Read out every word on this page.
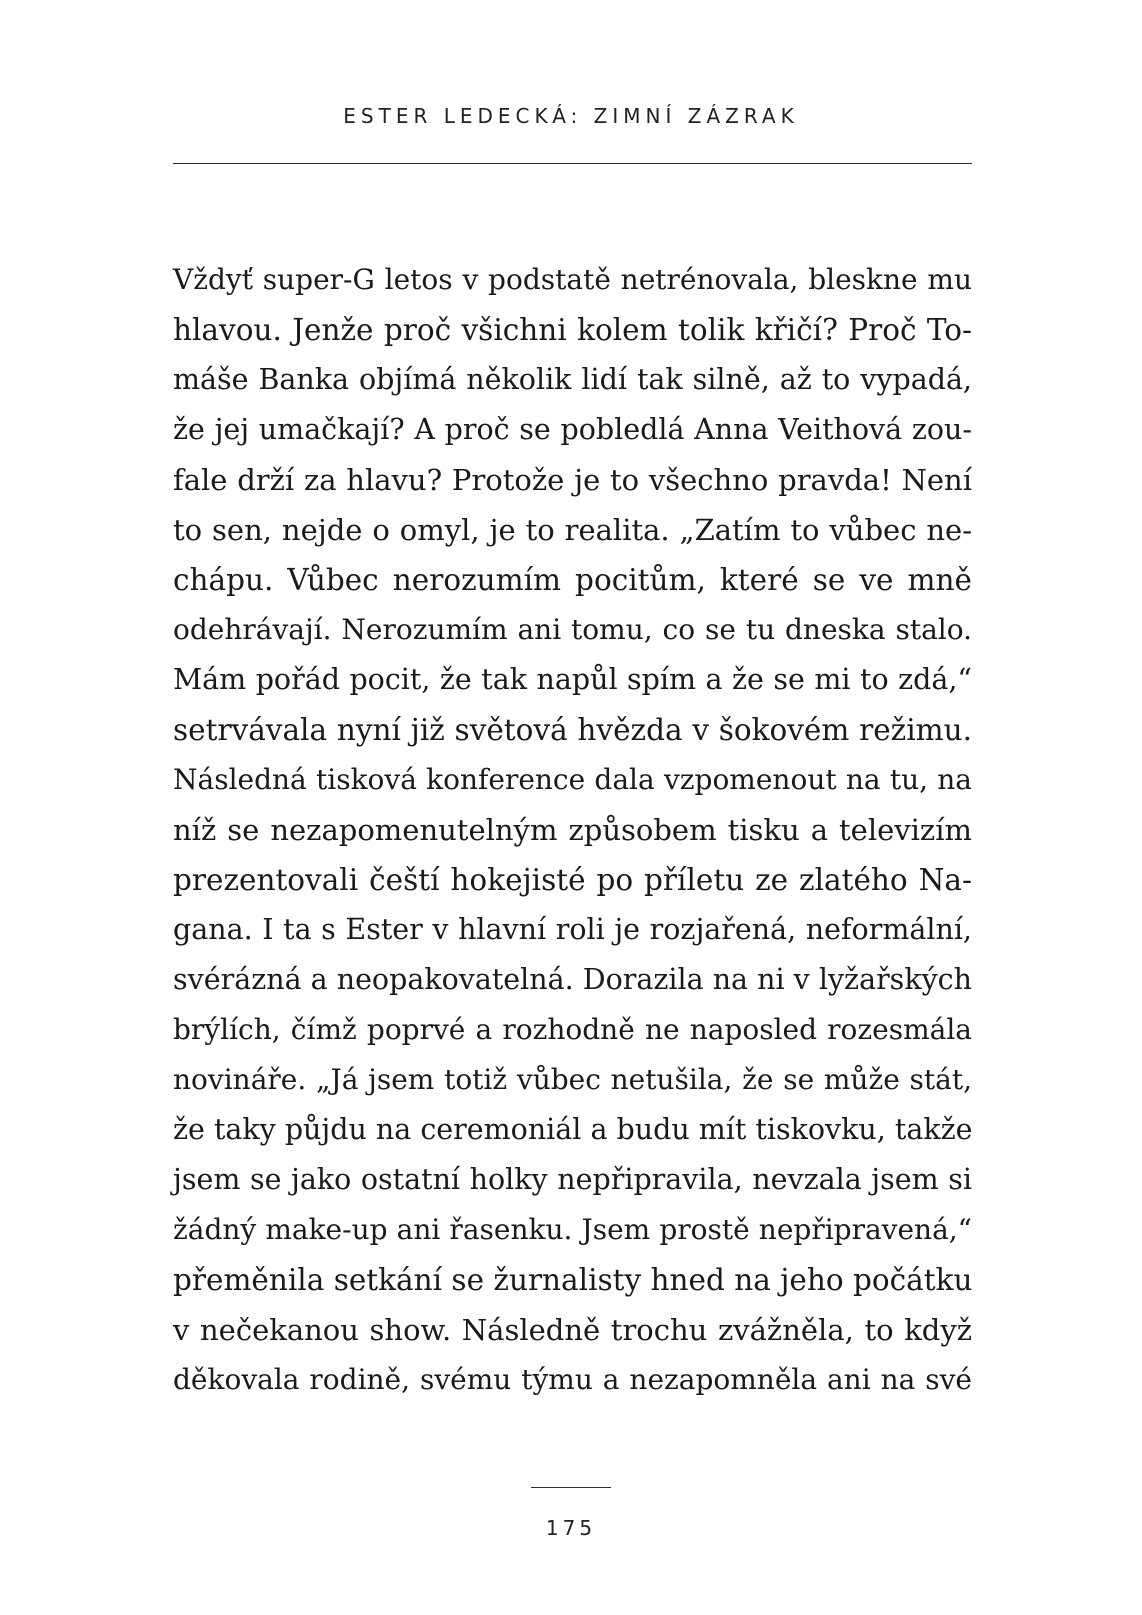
ESTER LEDECKÁ: ZIMNÍ ZÁZRAK
Vždyť super-G letos v podstatě netrénovala, bleskne mu
hlavou. Jenže proč všichni kolem tolik křičí? Proč To-
máše Banka objímá několik lidí tak silně, až to vypadá,
že jej umačkají? A proč se pobledlá Anna Veithová zou-
fale drží za hlavu? Protože je to všechno pravda! Není
to sen, nejde o omyl, je to realita. „Zatím to vůbec ne-
chápu. Vůbec nerozumím pocitům, které se ve mně
odehrávají. Nerozumím ani tomu, co se tu dneska stalo.
Mám pořád pocit, že tak napůl spím a že se mi to zdá,“
setrvávala nyní již světová hvězda v šokovém režimu.
Následná tisková konference dala vzpomenout na tu, na
níž se nezapomenutelným způsobem tisku a televizím
prezentovali čeští hokejisté po příletu ze zlatého Na-
gana. I ta s Ester v hlavní roli je rozjařená, neformální,
svérázná a neopakovatelná. Dorazila na ni v lyžařských
brýlích, čímž poprvé a rozhodně ne naposled rozesmála
novináře. „Já jsem totiž vůbec netušila, že se může stát,
že taky půjdu na ceremoniál a budu mít tiskovku, takže
jsem se jako ostatní holky nepřipravila, nevzala jsem si
žádný make-up ani řasenku. Jsem prostě nepřipravená,“
přeměnila setkání se žurnalisty hned na jeho počátku
v nečekanou show. Následně trochu zvážněla, to když
děkovala rodině, svému týmu a nezapomněla ani na své
175
